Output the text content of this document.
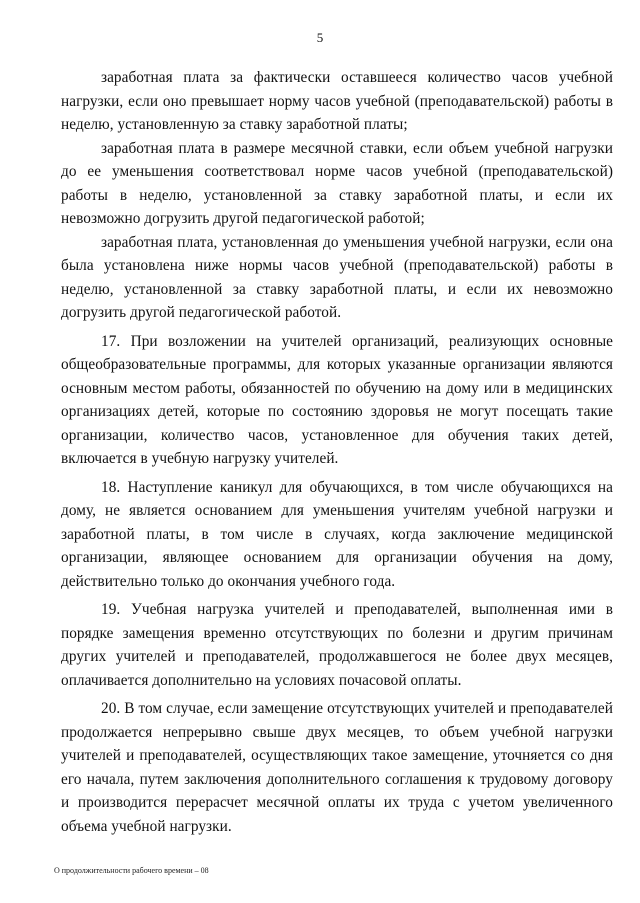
5

заработная плата за фактически оставшееся количество часов учебной нагрузки, если оно превышает норму часов учебной (преподавательской) работы в неделю, установленную за ставку заработной платы;

заработная плата в размере месячной ставки, если объем учебной нагрузки до ее уменьшения соответствовал норме часов учебной (преподавательской) работы в неделю, установленной за ставку заработной платы, и если их невозможно догрузить другой педагогической работой;

заработная плата, установленная до уменьшения учебной нагрузки, если она была установлена ниже нормы часов учебной (преподавательской) работы в неделю, установленной за ставку заработной платы, и если их невозможно догрузить другой педагогической работой.

17. При возложении на учителей организаций, реализующих основные общеобразовательные программы, для которых указанные организации являются основным местом работы, обязанностей по обучению на дому или в медицинских организациях детей, которые по состоянию здоровья не могут посещать такие организации, количество часов, установленное для обучения таких детей, включается в учебную нагрузку учителей.

18. Наступление каникул для обучающихся, в том числе обучающихся на дому, не является основанием для уменьшения учителям учебной нагрузки и заработной платы, в том числе в случаях, когда заключение медицинской организации, являющее основанием для организации обучения на дому, действительно только до окончания учебного года.

19. Учебная нагрузка учителей и преподавателей, выполненная ими в порядке замещения временно отсутствующих по болезни и другим причинам других учителей и преподавателей, продолжавшегося не более двух месяцев, оплачивается дополнительно на условиях почасовой оплаты.

20. В том случае, если замещение отсутствующих учителей и преподавателей продолжается непрерывно свыше двух месяцев, то объем учебной нагрузки учителей и преподавателей, осуществляющих такое замещение, уточняется со дня его начала, путем заключения дополнительного соглашения к трудовому договору и производится перерасчет месячной оплаты их труда с учетом увеличенного объема учебной нагрузки.

О продолжительности рабочего времени – 08
